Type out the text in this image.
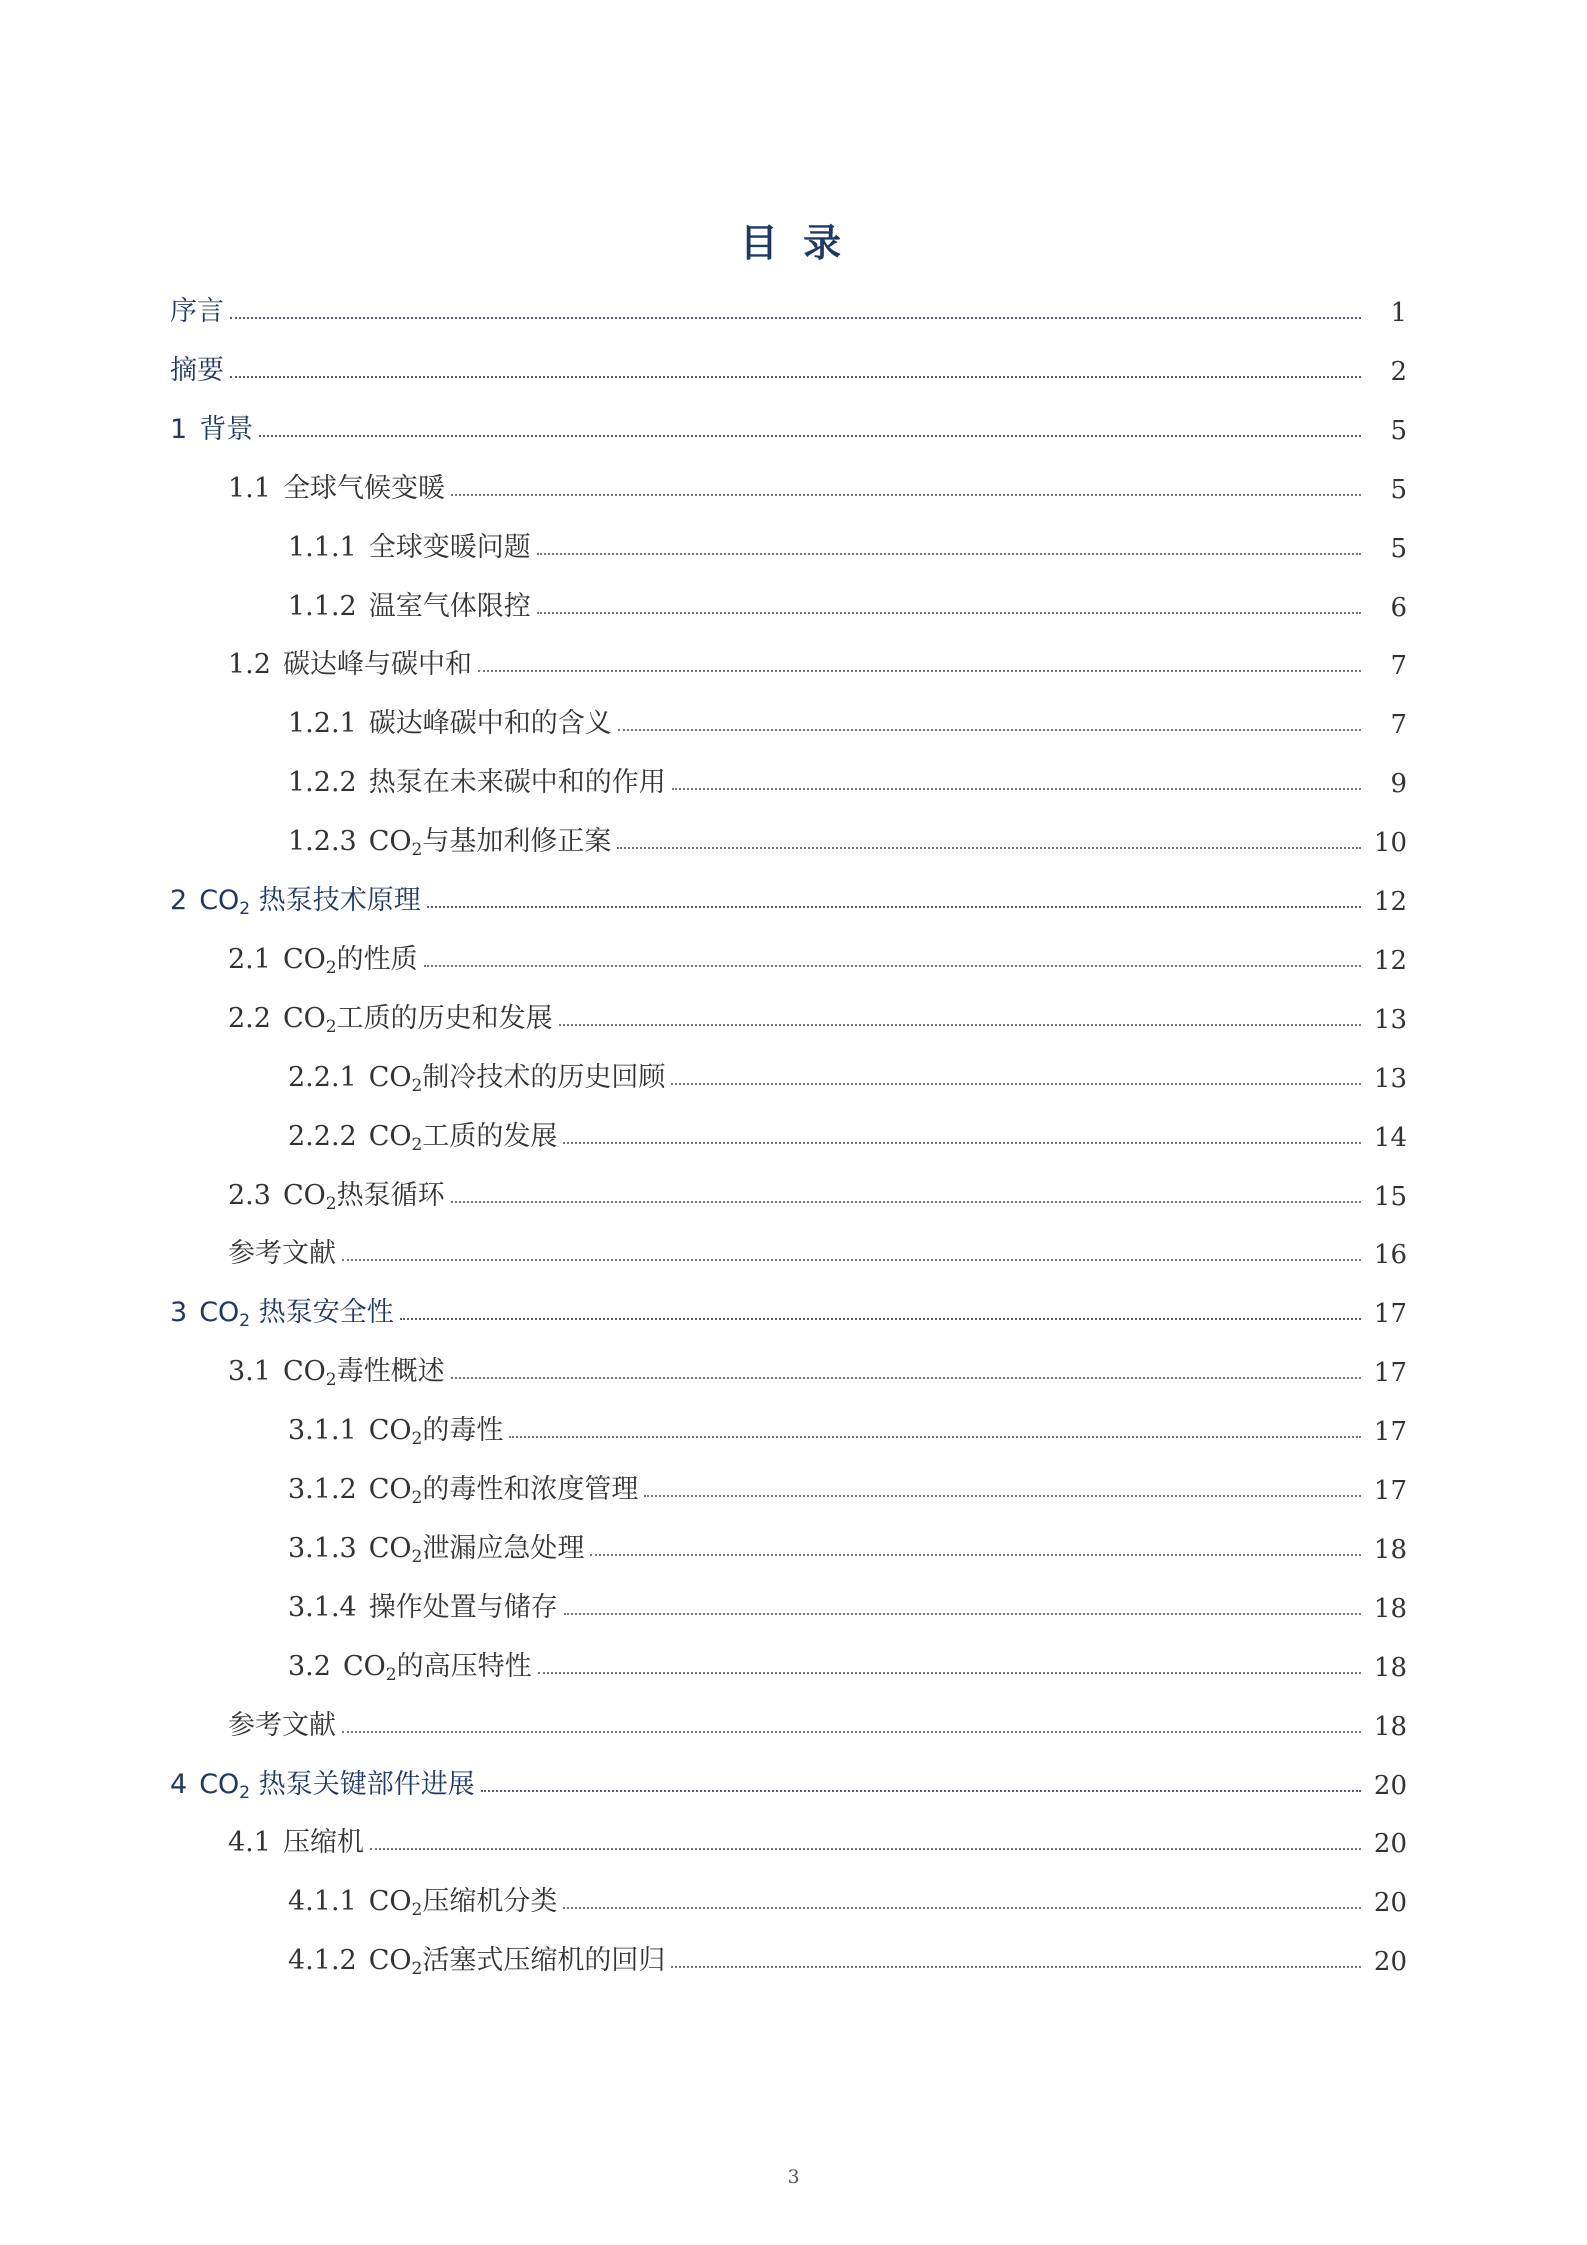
目 录
序言	1
摘要	2
1 背景	5
1.1 全球气候变暖	5
1.1.1 全球变暖问题	5
1.1.2 温室气体限控	6
1.2 碳达峰与碳中和	7
1.2.1 碳达峰碳中和的含义	7
1.2.2 热泵在未来碳中和的作用	9
1.2.3 $CO_2$与基加利修正案	10
2 $CO_2$ 热泵技术原理	12
2.1 $CO_2$的性质	12
2.2 $CO_2$工质的历史和发展	13
2.2.1 $CO_2$制冷技术的历史回顾	13
2.2.2 $CO_2$工质的发展	14
2.3 $CO_2$热泵循环	15
参考文献	16
3 $CO_2$ 热泵安全性	17
3.1 $CO_2$毒性概述	17
3.1.1 $CO_2$的毒性	17
3.1.2 $CO_2$的毒性和浓度管理	17
3.1.3 $CO_2$泄漏应急处理	18
3.1.4 操作处置与储存	18
3.2 $CO_2$的高压特性	18
参考文献	18
4 $CO_2$ 热泵关键部件进展	20
4.1 压缩机	20
4.1.1 $CO_2$压缩机分类	20
4.1.2 $CO_2$活塞式压缩机的回归	20
3
